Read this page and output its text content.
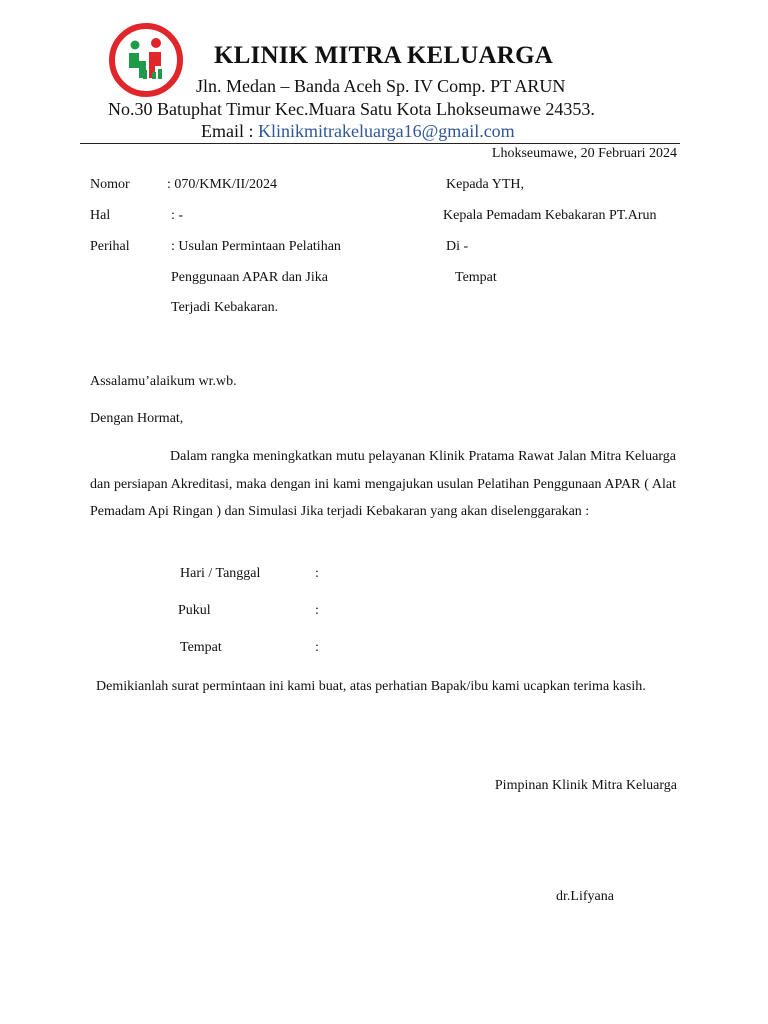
KLINIK MITRA KELUARGA
Jln. Medan – Banda Aceh Sp. IV Comp. PT ARUN
No.30 Batuphat Timur Kec.Muara Satu Kota Lhokseumawe 24353.
Email : Klinikmitrakeluarga16@gmail.com
Lhokseumawe, 20 Februari 2024
Nomor	: 070/KMK/II/2024
Hal	: -
Perihal	: Usulan Permintaan Pelatihan
Penggunaan APAR dan Jika
Terjadi Kebakaran.
Kepada YTH,
Kepala Pemadam Kebakaran PT.Arun
Di -
Tempat
Assalamu’alaikum wr.wb.
Dengan Hormat,
Dalam rangka meningkatkan mutu pelayanan Klinik Pratama Rawat Jalan Mitra Keluarga dan persiapan Akreditasi, maka dengan ini kami mengajukan usulan Pelatihan Penggunaan APAR ( Alat Pemadam Api Ringan ) dan Simulasi Jika terjadi Kebakaran yang akan diselenggarakan :
Hari / Tanggal	:
Pukul	:
Tempat	:
Demikianlah surat permintaan ini kami buat, atas perhatian Bapak/ibu kami ucapkan terima kasih.
Pimpinan Klinik Mitra Keluarga
dr.Lifyana
